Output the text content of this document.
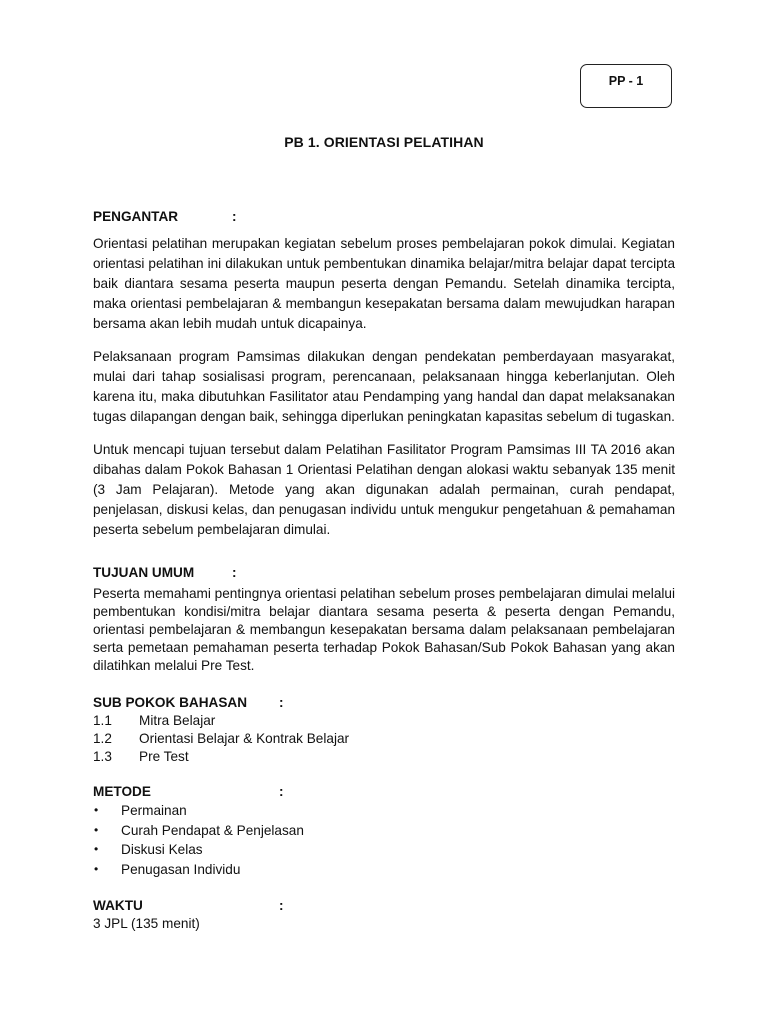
PP - 1
PB 1. ORIENTASI PELATIHAN
PENGANTAR	:

Orientasi pelatihan merupakan kegiatan sebelum proses pembelajaran pokok dimulai. Kegiatan orientasi pelatihan ini dilakukan untuk pembentukan dinamika belajar/mitra belajar dapat tercipta baik diantara sesama peserta maupun peserta dengan Pemandu. Setelah dinamika tercipta, maka orientasi pembelajaran & membangun kesepakatan bersama dalam mewujudkan harapan bersama akan lebih mudah untuk dicapainya.

Pelaksanaan program Pamsimas dilakukan dengan pendekatan pemberdayaan masyarakat, mulai dari tahap sosialisasi program, perencanaan, pelaksanaan hingga keberlanjutan. Oleh karena itu, maka dibutuhkan Fasilitator atau Pendamping yang handal dan dapat melaksanakan tugas dilapangan dengan baik, sehingga diperlukan peningkatan kapasitas sebelum di tugaskan.

Untuk mencapi tujuan tersebut dalam Pelatihan Fasilitator Program Pamsimas III TA 2016 akan dibahas dalam Pokok Bahasan 1 Orientasi Pelatihan dengan alokasi waktu sebanyak 135 menit (3 Jam Pelajaran). Metode yang akan digunakan adalah permainan, curah pendapat, penjelasan, diskusi kelas, dan penugasan individu untuk mengukur pengetahuan & pemahaman peserta sebelum pembelajaran dimulai.

TUJUAN UMUM	:

Peserta memahami pentingnya orientasi pelatihan sebelum proses pembelajaran dimulai melalui pembentukan kondisi/mitra belajar diantara sesama peserta & peserta dengan Pemandu, orientasi pembelajaran & membangun kesepakatan bersama dalam pelaksanaan pembelajaran serta pemetaan pemahaman peserta terhadap Pokok Bahasan/Sub Pokok Bahasan yang akan dilatihkan melalui Pre Test.

SUB POKOK BAHASAN	:
1.1	Mitra Belajar
1.2	Orientasi Belajar & Kontrak Belajar
1.3	Pre Test
METODE	:
•	Permainan
•	Curah Pendapat & Penjelasan
•	Diskusi Kelas
•	Penugasan Individu
WAKTU	:
3 JPL (135 menit)
